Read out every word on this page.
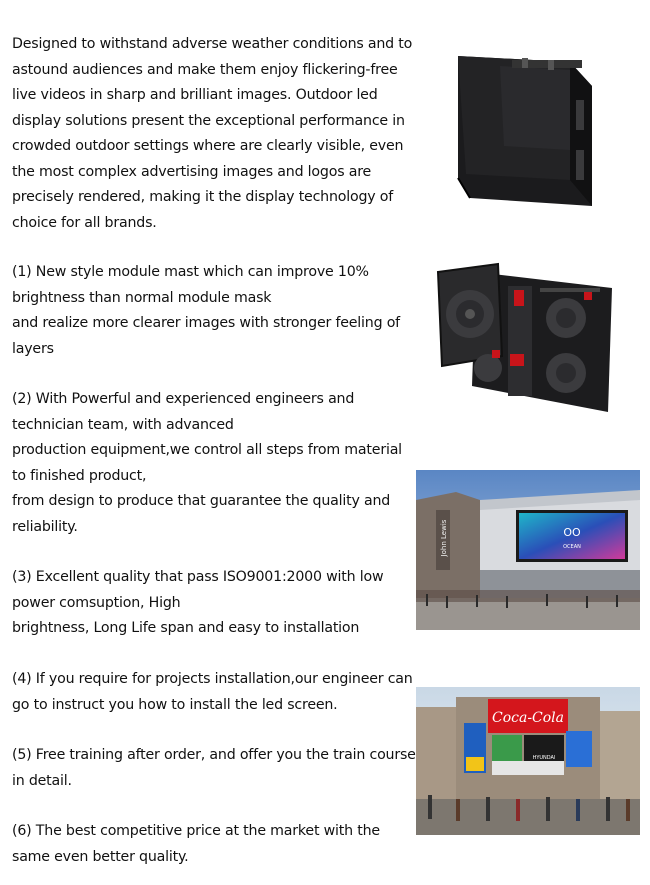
Designed to withstand adverse weather conditions and to
astound audiences and make them enjoy flickering-free
live videos in sharp and brilliant images. Outdoor led
display solutions present the exceptional performance in
crowded outdoor settings where are clearly visible, even
the most complex advertising images and logos are
precisely rendered, making it the display technology of
choice for all brands.
(1) New style module mast which can improve 10%
brightness than normal module mask
and realize more clearer images with stronger feeling of
layers
(2) With Powerful and experienced engineers and
technician team, with advanced
production equipment,we control all steps from material
to finished product,
from design to produce that guarantee the quality and
reliability.
(3) Excellent quality that pass ISO9001:2000 with low
power comsuption, High
brightness, Long Life span and easy to installation
(4) If you require for projects installation,our engineer can
go to instruct you how to install the led screen.
(5) Free training after order, and offer you the train course
in detail.
(6) The best competitive price at the market with the
same even better quality.
OO
OCEAN
John Lewis
Coca-Cola
HYUNDAI
